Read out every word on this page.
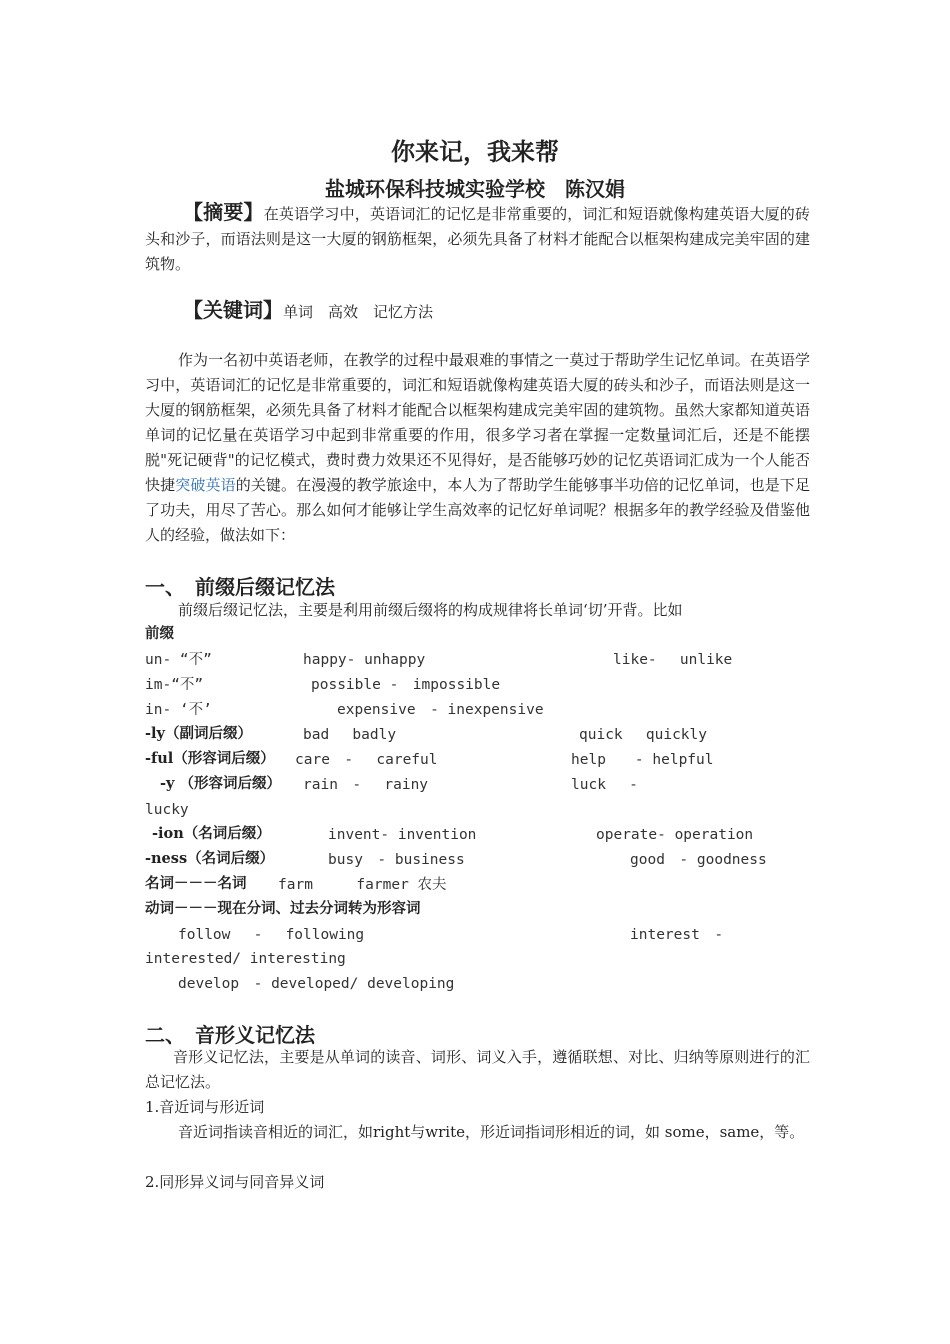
你来记，我来帮
盐城环保科技城实验学校　陈汉娟
【摘要】在英语学习中，英语词汇的记忆是非常重要的，词汇和短语就像构建英语大厦的砖头和沙子，而语法则是这一大厦的钢筋框架，必须先具备了材料才能配合以框架构建成完美牢固的建筑物。
【关键词】单词　高效　记忆方法
作为一名初中英语老师，在教学的过程中最艰难的事情之一莫过于帮助学生记忆单词。在英语学习中，英语词汇的记忆是非常重要的，词汇和短语就像构建英语大厦的砖头和沙子，而语法则是这一大厦的钢筋框架，必须先具备了材料才能配合以框架构建成完美牢固的建筑物。虽然大家都知道英语单词的记忆量在英语学习中起到非常重要的作用，很多学习者在掌握一定数量词汇后，还是不能摆脱"死记硬背"的记忆模式，费时费力效果还不见得好，是否能够巧妙的记忆英语词汇成为一个人能否快捷突破英语的关键。在漫漫的教学旅途中，本人为了帮助学生能够事半功倍的记忆单词，也是下足了功夫，用尽了苦心。那么如何才能够让学生高效率的记忆好单词呢？根据多年的教学经验及借鉴他人的经验，做法如下：
一、　前缀后缀记忆法
前缀后缀记忆法，主要是利用前缀后缀将的构成规律将长单词‘切’开背。比如
前缀
un- “不”	happy- unhappy	like-　 unlike
im-“不”	possible -　impossible
in- ‘不’	expensive　- inexpensive
-ly（副词后缀）	bad　 badly	quick　 quickly
-ful（形容词后缀） care　-　 careful	help　　- helpful
-y （形容词后缀） rain　-　 rainy	luck　 -
lucky
-ion（名词后缀）	invent- invention	operate- operation
-ness（名词后缀）	busy　- business	good　- goodness
名词－－－名词 farm　　　farmer 农夫
动词－－－现在分词、过去分词转为形容词
follow　 -　 following	interest　-
interested/ interesting
develop　- developed/ developing
二、　音形义记忆法
音形义记忆法，主要是从单词的读音、词形、词义入手，遵循联想、对比、归纳等原则进行的汇总记忆法。
1.音近词与形近词
音近词指读音相近的词汇，如right与write，形近词指词形相近的词，如 some，same，等。
2.同形异义词与同音异义词
